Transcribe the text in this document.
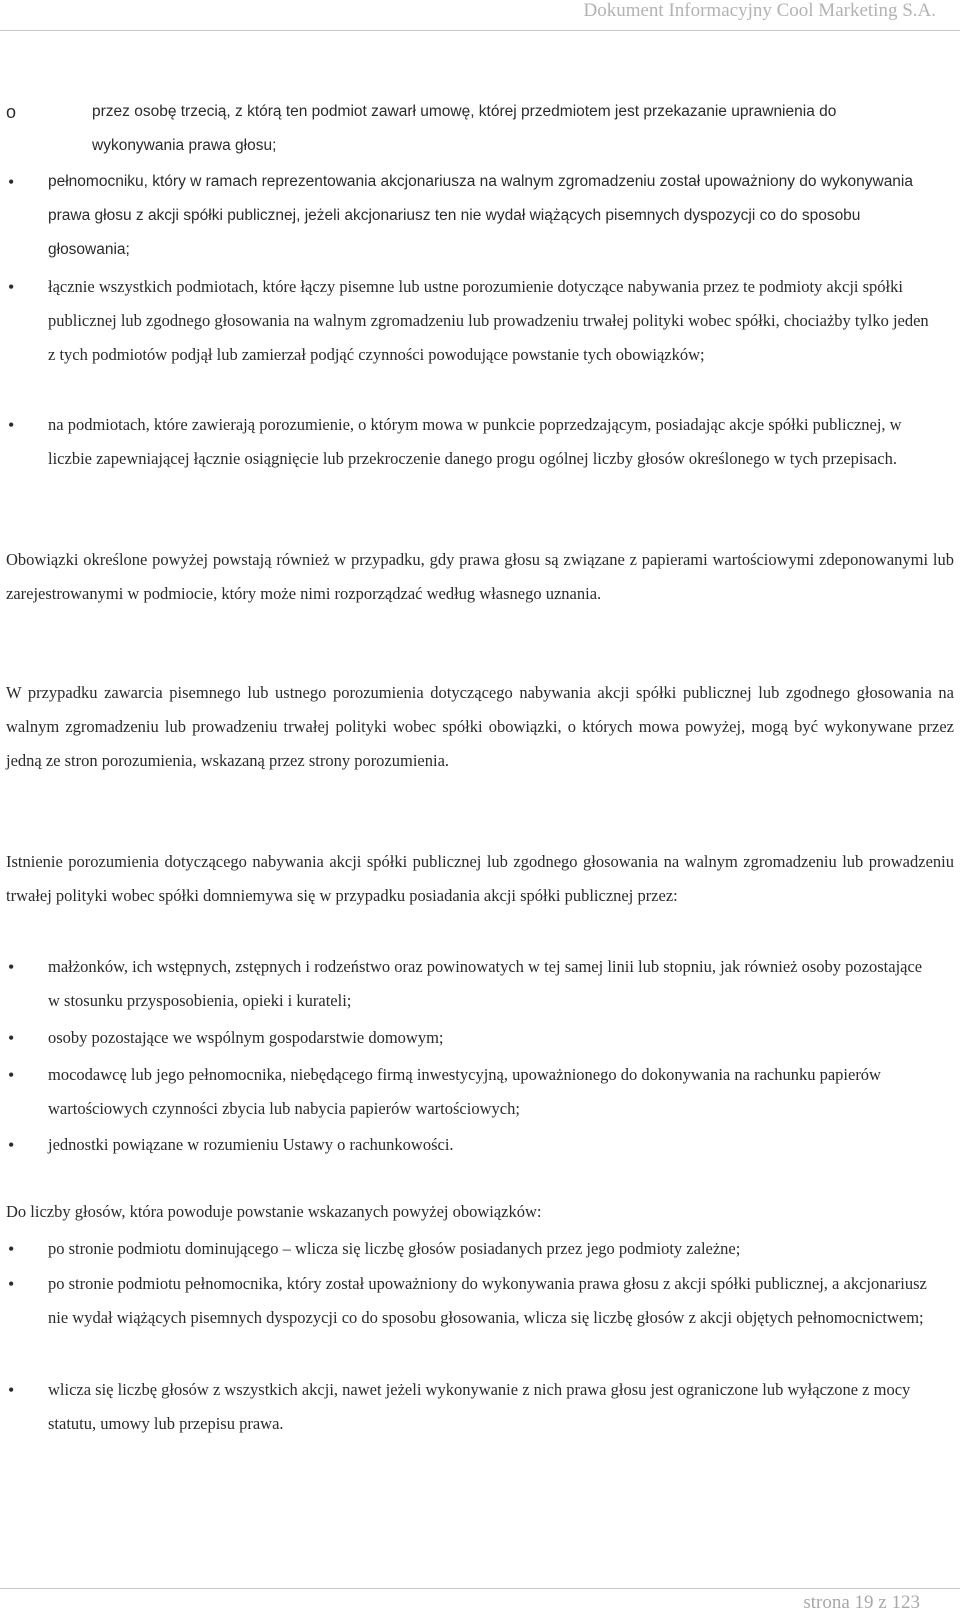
Dokument Informacyjny Cool Marketing S.A.
o	przez osobę trzecią, z którą ten podmiot zawarł umowę, której przedmiotem jest przekazanie uprawnienia do wykonywania prawa głosu;
• pełnomocniku, który w ramach reprezentowania akcjonariusza na walnym zgromadzeniu został upoważniony do wykonywania prawa głosu z akcji spółki publicznej, jeżeli akcjonariusz ten nie wydał wiążących pisemnych dyspozycji co do sposobu głosowania;
• łącznie wszystkich podmiotach, które łączy pisemne lub ustne porozumienie dotyczące nabywania przez te podmioty akcji spółki publicznej lub zgodnego głosowania na walnym zgromadzeniu lub prowadzeniu trwałej polityki wobec spółki, chociażby tylko jeden z tych podmiotów podjął lub zamierzał podjąć czynności powodujące powstanie tych obowiązków;
• na podmiotach, które zawierają porozumienie, o którym mowa w punkcie poprzedzającym, posiadając akcje spółki publicznej, w liczbie zapewniającej łącznie osiągnięcie lub przekroczenie danego progu ogólnej liczby głosów określonego w tych przepisach.
Obowiązki określone powyżej powstają również w przypadku, gdy prawa głosu są związane z papierami wartościowymi zdeponowanymi lub zarejestrowanymi w podmiocie, który może nimi rozporządzać według własnego uznania.
W przypadku zawarcia pisemnego lub ustnego porozumienia dotyczącego nabywania akcji spółki publicznej lub zgodnego głosowania na walnym zgromadzeniu lub prowadzeniu trwałej polityki wobec spółki obowiązki, o których mowa powyżej, mogą być wykonywane przez jedną ze stron porozumienia, wskazaną przez strony porozumienia.
Istnienie porozumienia dotyczącego nabywania akcji spółki publicznej lub zgodnego głosowania na walnym zgromadzeniu lub prowadzeniu trwałej polityki wobec spółki domniemywa się w przypadku posiadania akcji spółki publicznej przez:
• małżonków, ich wstępnych, zstępnych i rodzeństwo oraz powinowatych w tej samej linii lub stopniu, jak również osoby pozostające w stosunku przysposobienia, opieki i kurateli;
• osoby pozostające we wspólnym gospodarstwie domowym;
• mocodawcę lub jego pełnomocnika, niebędącego firmą inwestycyjną, upoważnionego do dokonywania na rachunku papierów wartościowych czynności zbycia lub nabycia papierów wartościowych;
• jednostki powiązane w rozumieniu Ustawy o rachunkowości.
Do liczby głosów, która powoduje powstanie wskazanych powyżej obowiązków:
• po stronie podmiotu dominującego – wlicza się liczbę głosów posiadanych przez jego podmioty zależne;
• po stronie podmiotu pełnomocnika, który został upoważniony do wykonywania prawa głosu z akcji spółki publicznej, a akcjonariusz nie wydał wiążących pisemnych dyspozycji co do sposobu głosowania, wlicza się liczbę głosów z akcji objętych pełnomocnictwem;
• wlicza się liczbę głosów z wszystkich akcji, nawet jeżeli wykonywanie z nich prawa głosu jest ograniczone lub wyłączone z mocy statutu, umowy lub przepisu prawa.
strona 19 z 123
